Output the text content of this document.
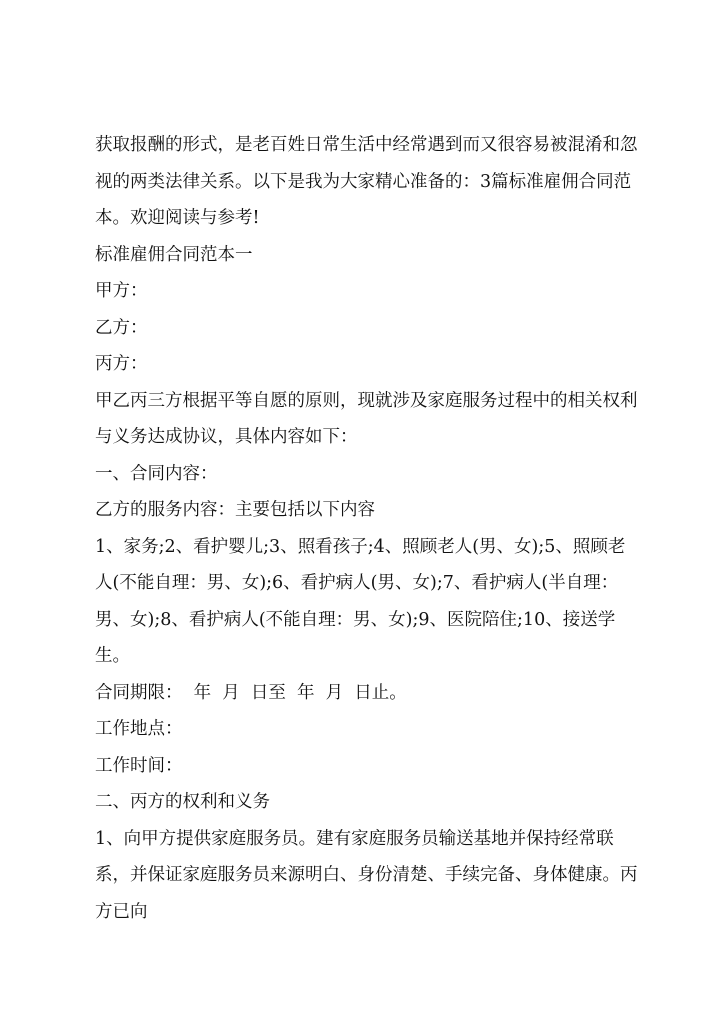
获取报酬的形式，是老百姓日常生活中经常遇到而又很容易被混淆和忽视的两类法律关系。以下是我为大家精心准备的：3篇标准雇佣合同范本。欢迎阅读与参考!

标准雇佣合同范本一

甲方：

乙方：

丙方：

甲乙丙三方根据平等自愿的原则，现就涉及家庭服务过程中的相关权利与义务达成协议，具体内容如下：

一、合同内容：

乙方的服务内容：主要包括以下内容

1、家务;2、看护婴儿;3、照看孩子;4、照顾老人(男、女);5、照顾老人(不能自理：男、女);6、看护病人(男、女);7、看护病人(半自理：男、女);8、看护病人(不能自理：男、女);9、医院陪住;10、接送学生。

合同期限：  年  月  日至  年  月  日止。

工作地点：

工作时间：

二、丙方的权利和义务

1、向甲方提供家庭服务员。建有家庭服务员输送基地并保持经常联系，并保证家庭服务员来源明白、身份清楚、手续完备、身体健康。丙方已向
